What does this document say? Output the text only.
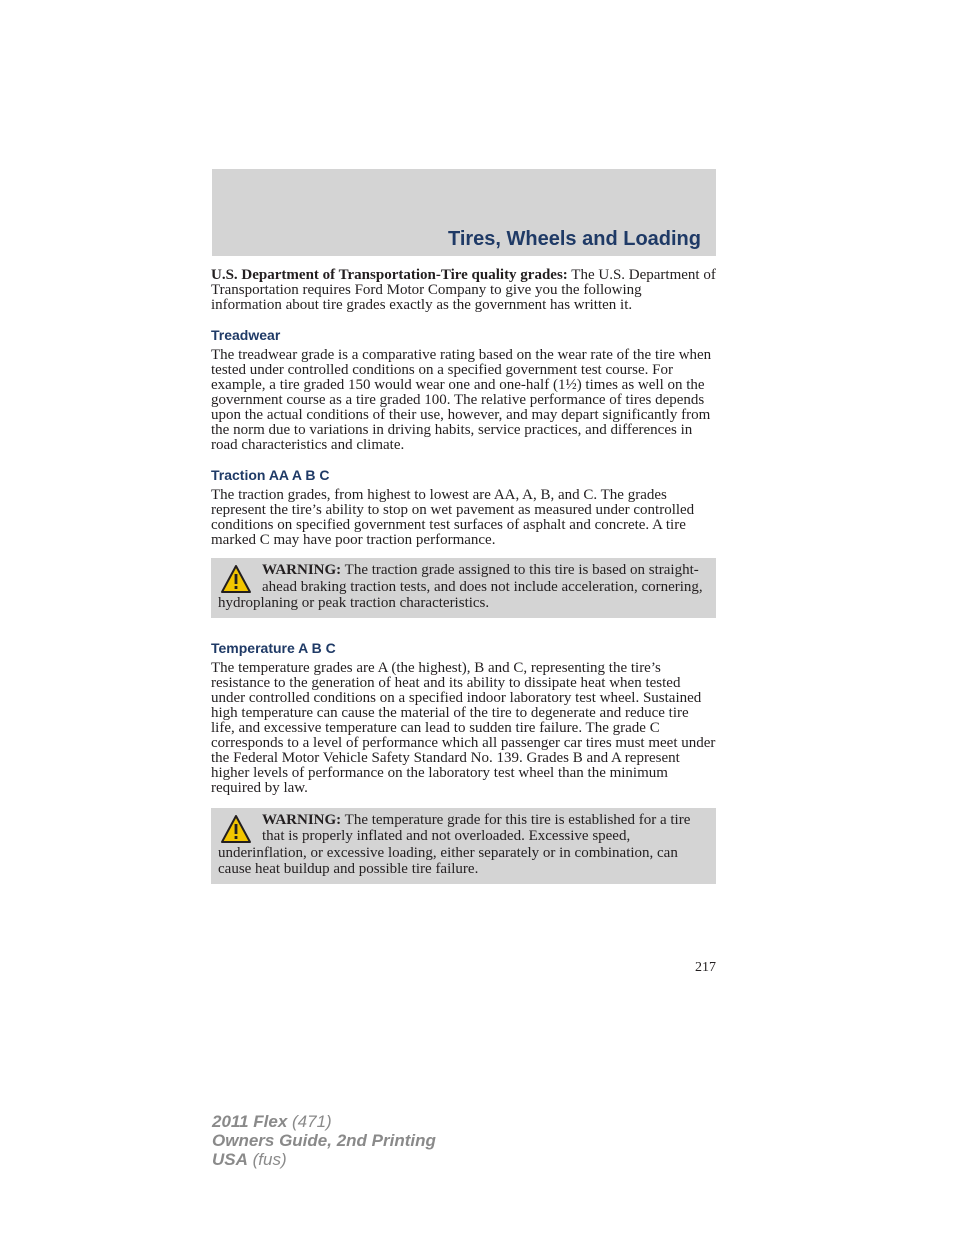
Tires, Wheels and Loading

U.S. Department of Transportation-Tire quality grades: The U.S. Department of Transportation requires Ford Motor Company to give you the following information about tire grades exactly as the government has written it.

Treadwear

The treadwear grade is a comparative rating based on the wear rate of the tire when tested under controlled conditions on a specified government test course. For example, a tire graded 150 would wear one and one-half (1½) times as well on the government course as a tire graded 100. The relative performance of tires depends upon the actual conditions of their use, however, and may depart significantly from the norm due to variations in driving habits, service practices, and differences in road characteristics and climate.

Traction AA A B C

The traction grades, from highest to lowest are AA, A, B, and C. The grades represent the tire’s ability to stop on wet pavement as measured under controlled conditions on specified government test surfaces of asphalt and concrete. A tire marked C may have poor traction performance.

WARNING: The traction grade assigned to this tire is based on straight-ahead braking traction tests, and does not include acceleration, cornering, hydroplaning or peak traction characteristics.
Temperature A B C

The temperature grades are A (the highest), B and C, representing the tire’s resistance to the generation of heat and its ability to dissipate heat when tested under controlled conditions on a specified indoor laboratory test wheel. Sustained high temperature can cause the material of the tire to degenerate and reduce tire life, and excessive temperature can lead to sudden tire failure. The grade C corresponds to a level of performance which all passenger car tires must meet under the Federal Motor Vehicle Safety Standard No. 139. Grades B and A represent higher levels of performance on the laboratory test wheel than the minimum required by law.

WARNING: The temperature grade for this tire is established for a tire that is properly inflated and not overloaded. Excessive speed, underinflation, or excessive loading, either separately or in combination, can cause heat buildup and possible tire failure.
217
2011 Flex (471)
Owners Guide, 2nd Printing
USA (fus)
